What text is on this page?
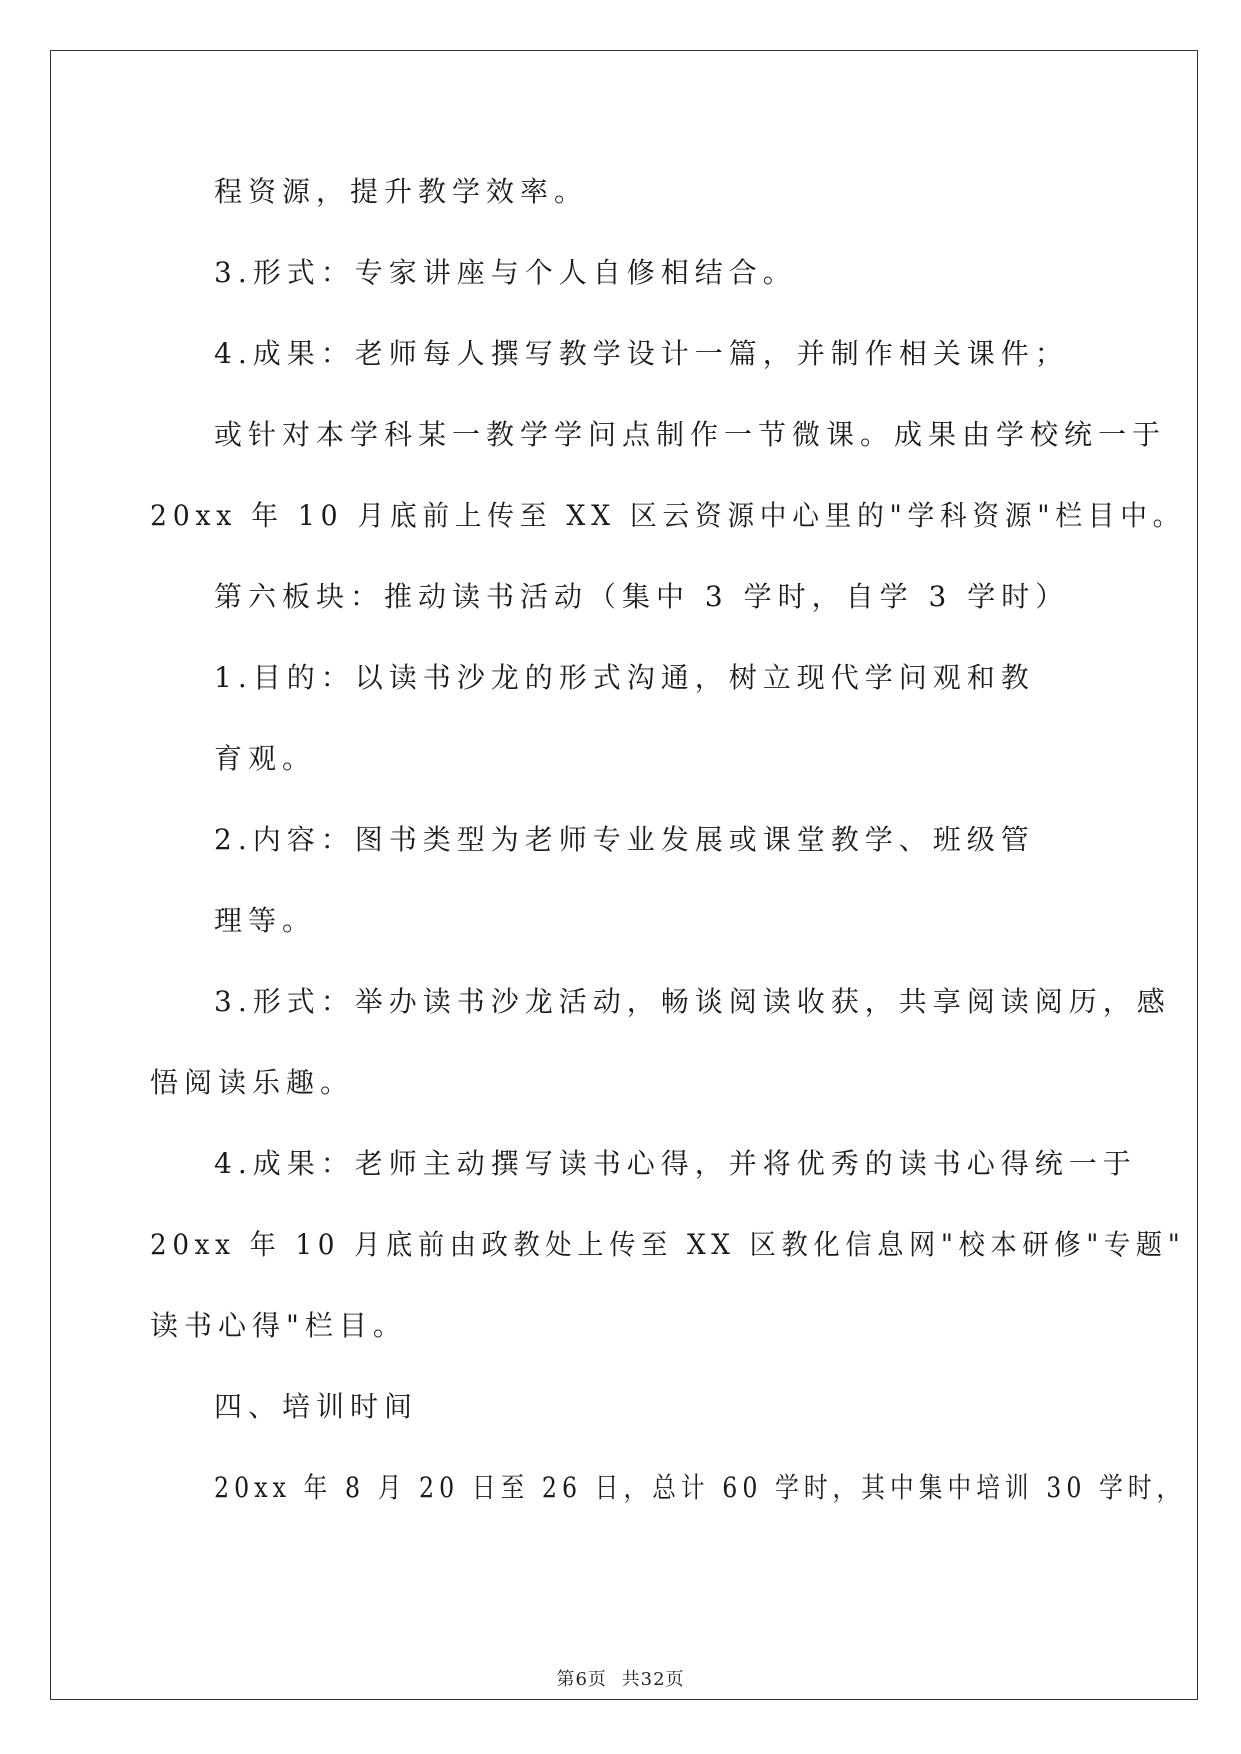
程资源，提升教学效率。
3.形式：专家讲座与个人自修相结合。
4.成果：老师每人撰写教学设计一篇，并制作相关课件；
或针对本学科某一教学学问点制作一节微课。成果由学校统一于
20xx 年 10 月底前上传至 XX 区云资源中心里的"学科资源"栏目中。
第六板块：推动读书活动（集中 3 学时，自学 3 学时）
1.目的：以读书沙龙的形式沟通，树立现代学问观和教
育观。
2.内容：图书类型为老师专业发展或课堂教学、班级管
理等。
3.形式：举办读书沙龙活动，畅谈阅读收获，共享阅读阅历，感
悟阅读乐趣。
4.成果：老师主动撰写读书心得，并将优秀的读书心得统一于
20xx 年 10 月底前由政教处上传至 XX 区教化信息网"校本研修"专题"
读书心得"栏目。
四、培训时间
20xx 年 8 月 20 日至 26 日，总计 60 学时，其中集中培训 30 学时，
第6页 共32页
